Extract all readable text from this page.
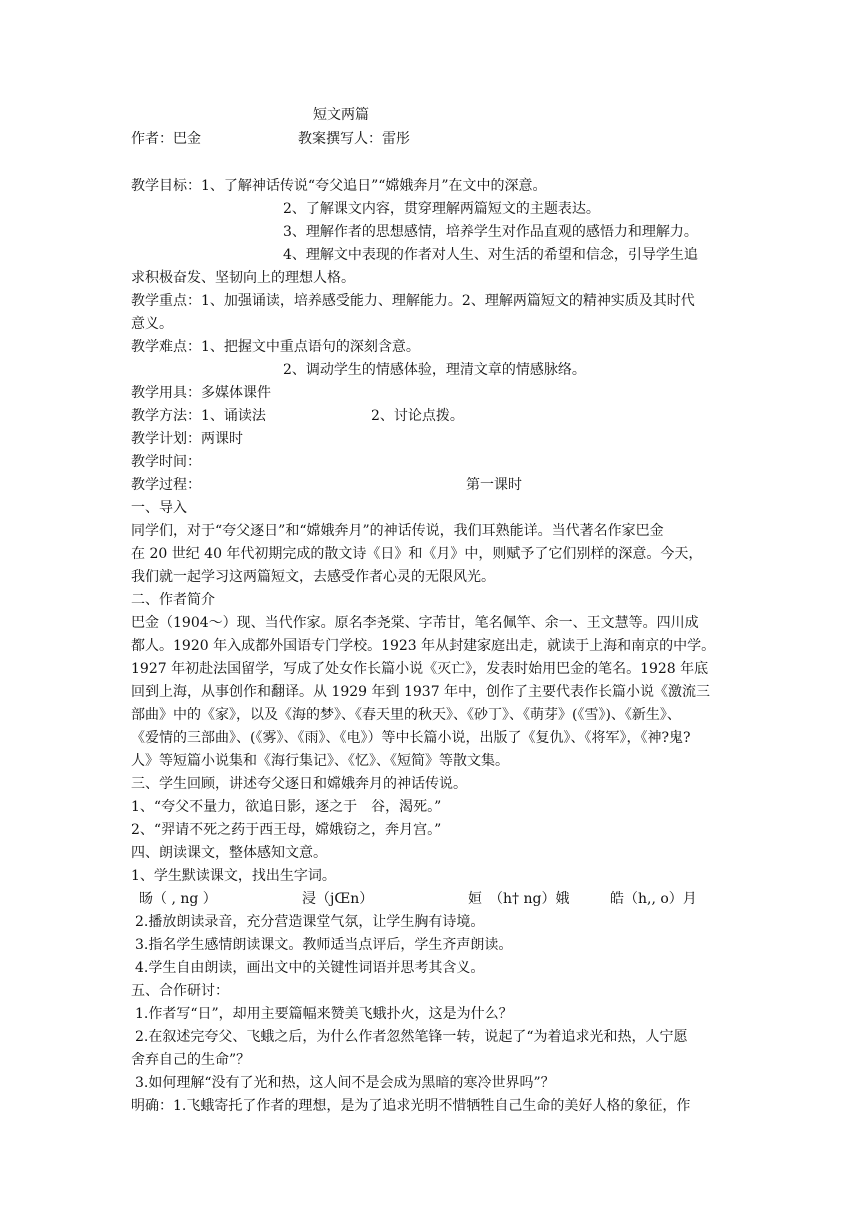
短文两篇
作者：巴金	教案撰写人：雷彤
教学目标：1、了解神话传说“夸父追日”“嫦娥奔月”在文中的深意。
2、了解课文内容，贯穿理解两篇短文的主题表达。
3、理解作者的思想感情，培养学生对作品直观的感悟力和理解力。
4、理解文中表现的作者对人生、对生活的希望和信念，引导学生追
求积极奋发、坚韧向上的理想人格。
教学重点：1、加强诵读，培养感受能力、理解能力。2、理解两篇短文的精神实质及其时代
意义。
教学难点：1、把握文中重点语句的深刻含意。
2、调动学生的情感体验，理清文章的情感脉络。
教学用具：多媒体课件
教学方法：1、诵读法	2、讨论点拨。
教学计划：两课时
教学时间：
教学过程：	第一课时
一、导入
同学们，对于“夸父逐日”和“嫦娥奔月”的神话传说，我们耳熟能详。当代著名作家巴金
在 20 世纪 40 年代初期完成的散文诗《日》和《月》中，则赋予了它们别样的深意。今天，
我们就一起学习这两篇短文，去感受作者心灵的无限风光。
二、作者简介
巴金（1904～）现、当代作家。原名李尧棠、字芾甘，笔名佩竿、余一、王文慧等。四川成
都人。1920 年入成都外国语专门学校。1923 年从封建家庭出走，就读于上海和南京的中学。
1927 年初赴法国留学，写成了处女作长篇小说《灭亡》，发表时始用巴金的笔名。1928 年底
回到上海，从事创作和翻译。从 1929 年到 1937 年中，创作了主要代表作长篇小说《激流三
部曲》中的《家》，以及《海的梦》、《春天里的秋天》、《砂丁》、《萌芽》(《雪》)、《新生》、
《爱情的三部曲》、(《雾》、《雨》、《电》）等中长篇小说，出版了《复仇》、《将军》，《神?鬼?
人》等短篇小说集和《海行集记》、《忆》、《短简》等散文集。
三、学生回顾，讲述夸父逐日和嫦娥奔月的神话传说。
1、“夸父不量力，欲追日影，逐之于　谷，渴死。”
2、“羿请不死之药于西王母，嫦娥窃之，奔月宫。”
四、朗读课文，整体感知文意。
1、学生默读课文，找出生字词。
旸（ , ng ）	浸（jŒn）	姮　（h† ng）娥	皓（h,, o）月
2.播放朗读录音，充分营造课堂气氛，让学生胸有诗境。
3.指名学生感情朗读课文。教师适当点评后，学生齐声朗读。
4.学生自由朗读，画出文中的关键性词语并思考其含义。
五、合作研讨：
1.作者写“日”，却用主要篇幅来赞美飞蛾扑火，这是为什么？
2.在叙述完夸父、飞蛾之后，为什么作者忽然笔锋一转，说起了“为着追求光和热，人宁愿
舍弃自己的生命”？
3.如何理解“没有了光和热，这人间不是会成为黑暗的寒冷世界吗”？
明确：1.飞蛾寄托了作者的理想，是为了追求光明不惜牺牲自己生命的美好人格的象征，作
